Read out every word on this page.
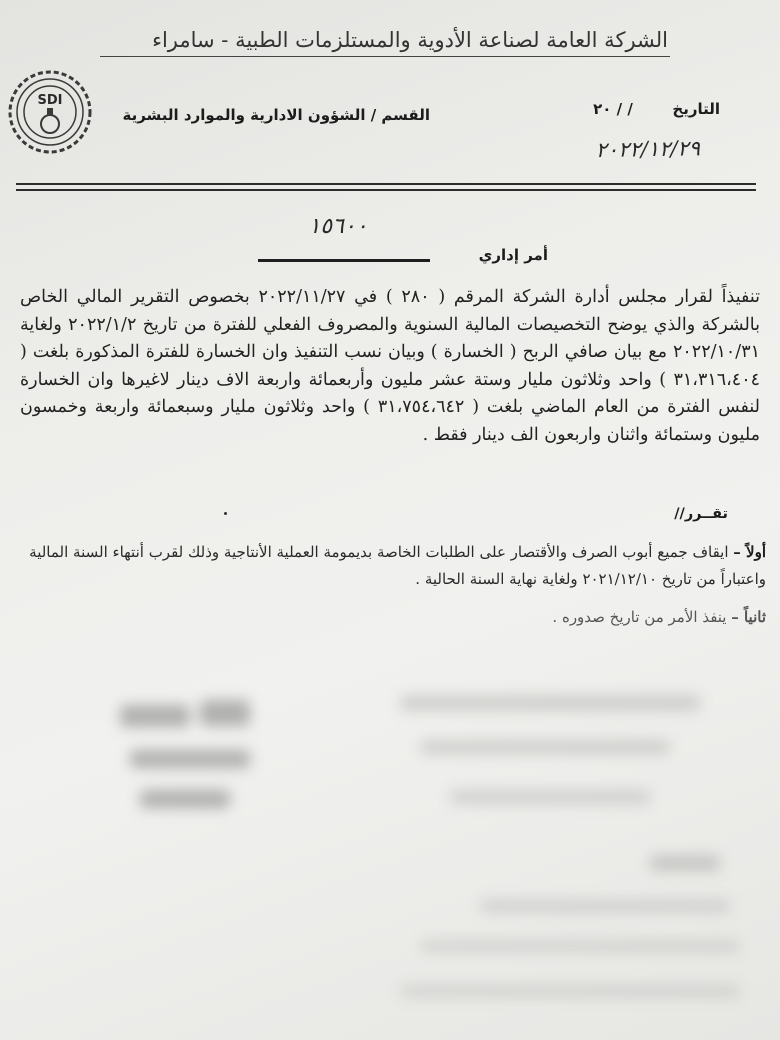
الشركة العامة لصناعة الأدوية والمستلزمات الطبية - سامراء
SDI	التاريخ
/ / ٢٠
القسم / الشؤون الادارية والموارد البشرية
٢٠٢٢/١٢/٢٩
١٥٦٠٠
أمر إداري
تنفيذاً لقرار مجلس أدارة الشركة المرقم ( ٢٨٠ ) في ٢٠٢٢/١١/٢٧ بخصوص التقرير المالي الخاص بالشركة والذي يوضح التخصيصات المالية السنوية والمصروف الفعلي للفترة من تاريخ ٢٠٢٢/١/٢ ولغاية ٢٠٢٢/١٠/٣١ مع بيان صافي الربح ( الخسارة ) وبيان نسب التنفيذ وان الخسارة للفترة المذكورة بلغت ( ٣١،٣١٦،٤٠٤ ) واحد وثلاثون مليار وستة عشر مليون وأربعمائة واربعة الاف دينار لاغيرها وان الخسارة لنفس الفترة من العام الماضي بلغت ( ٣١،٧٥٤،٦٤٢ ) واحد وثلاثون مليار وسبعمائة واربعة وخمسون مليون وستمائة واثنان واربعون الف دينار فقط .
تقــرر//
أولاً – ايقاف جميع أبوب الصرف والأقتصار على الطلبات الخاصة بديمومة العملية الأنتاجية وذلك لقرب أنتهاء السنة المالية واعتباراً من تاريخ ٢٠٢١/١٢/١٠ ولغاية نهاية السنة الحالية .
ثانياً – ينفذ الأمر من تاريخ صدوره .
